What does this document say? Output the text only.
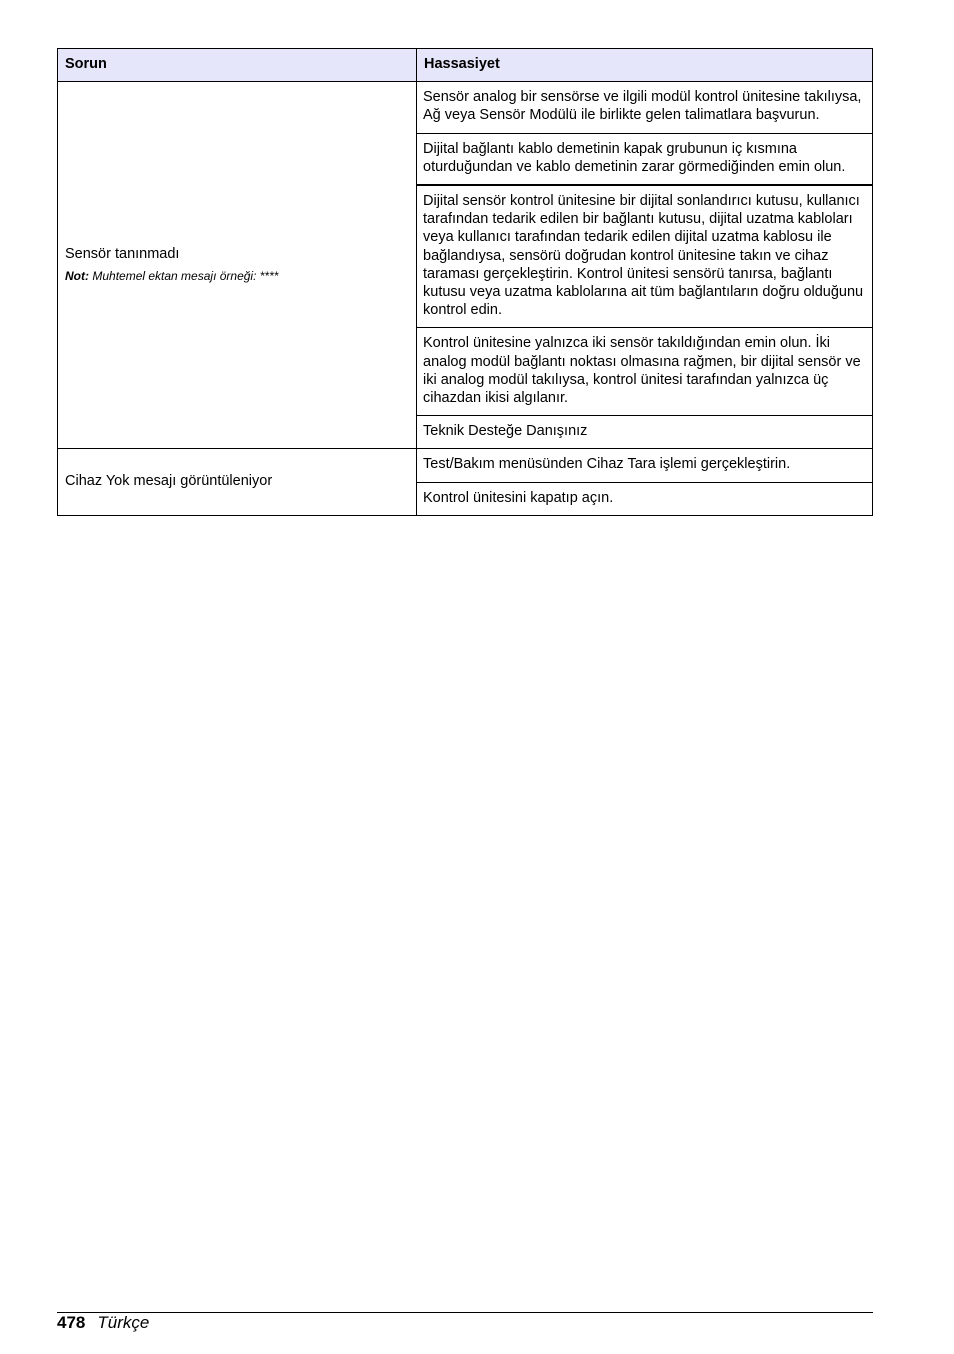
Sorun	Hassasiyet

Sensör tanınmadı
Not: Muhtemel ektan mesajı örneği: ****	Sensör analog bir sensörse ve ilgili modül kontrol ünitesine takılıysa, Ağ veya Sensör Modülü ile birlikte gelen talimatlara başvurun.
	Dijital bağlantı kablo demetinin kapak grubunun iç kısmına oturduğundan ve kablo demetinin zarar görmediğinden emin olun.
	Dijital sensör kontrol ünitesine bir dijital sonlandırıcı kutusu, kullanıcı tarafından tedarik edilen bir bağlantı kutusu, dijital uzatma kabloları veya kullanıcı tarafından tedarik edilen dijital uzatma kablosu ile bağlandıysa, sensörü doğrudan kontrol ünitesine takın ve cihaz taraması gerçekleştirin. Kontrol ünitesi sensörü tanırsa, bağlantı kutusu veya uzatma kablolarına ait tüm bağlantıların doğru olduğunu kontrol edin.
	Kontrol ünitesine yalnızca iki sensör takıldığından emin olun. İki analog modül bağlantı noktası olmasına rağmen, bir dijital sensör ve iki analog modül takılıysa, kontrol ünitesi tarafından yalnızca üç cihazdan ikisi algılanır.
	Teknik Desteğe Danışınız

Cihaz Yok mesajı görüntüleniyor	Test/Bakım menüsünden Cihaz Tara işlemi gerçekleştirin.
	Kontrol ünitesini kapatıp açın.
478 Türkçe
